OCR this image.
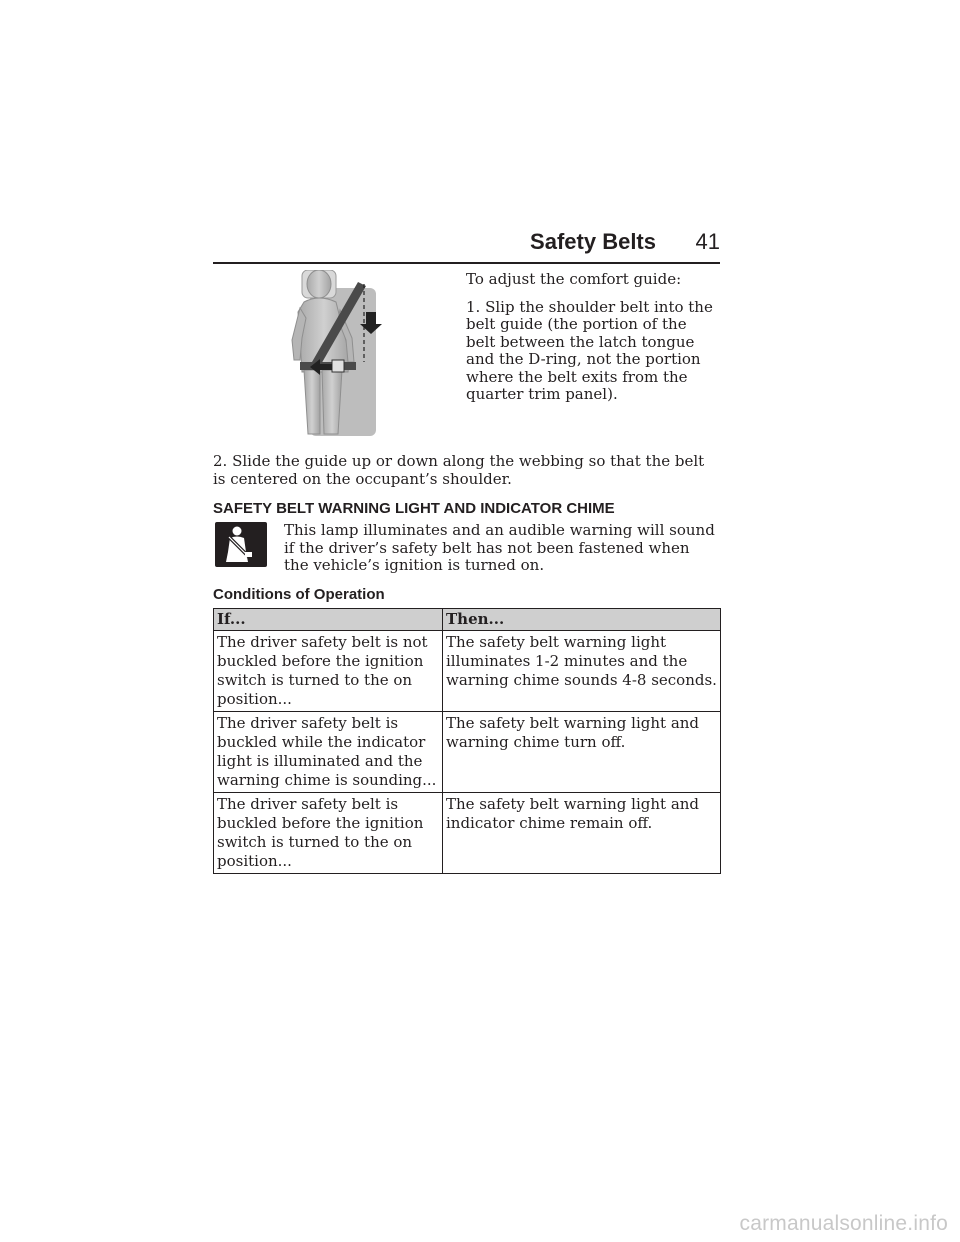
Safety Belts 41

To adjust the comfort guide:

1. Slip the shoulder belt into the belt guide (the portion of the belt between the latch tongue and the D-ring, not the portion where the belt exits from the quarter trim panel).

2. Slide the guide up or down along the webbing so that the belt is centered on the occupant’s shoulder.
SAFETY BELT WARNING LIGHT AND INDICATOR CHIME
This lamp illuminates and an audible warning will sound if the driver’s safety belt has not been fastened when the vehicle’s ignition is turned on.
Conditions of Operation
If...	Then...
The driver safety belt is not buckled before the ignition switch is turned to the on position...	The safety belt warning light illuminates 1-2 minutes and the warning chime sounds 4-8 seconds.
The driver safety belt is buckled while the indicator light is illuminated and the warning chime is sounding...	The safety belt warning light and warning chime turn off.
The driver safety belt is buckled before the ignition switch is turned to the on position...	The safety belt warning light and indicator chime remain off.
carmanualsonline.info
